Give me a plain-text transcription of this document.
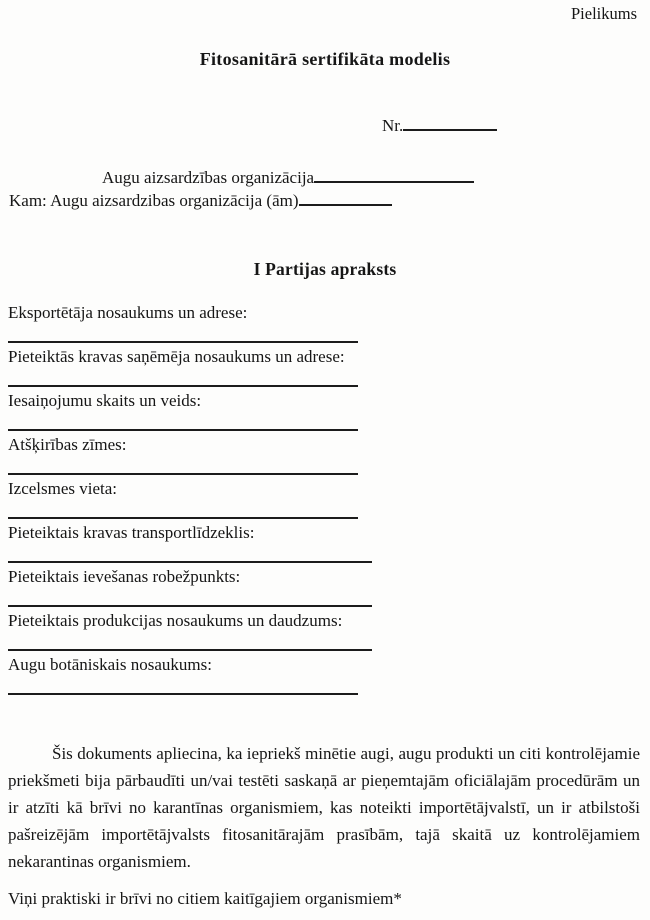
Pielikums
Fitosanitārā sertifikāta modelis
Nr.
Augu aizsardzības organizācija
Kam: Augu aizsardzibas organizācija (ām)
I Partijas apraksts
Eksportētāja nosaukums un adrese:
Pieteiktās kravas saņēmēja nosaukums un adrese:
Iesaiņojumu skaits un veids:
Atšķirības zīmes:
Izcelsmes vieta:
Pieteiktais kravas transportlīdzeklis:
Pieteiktais ievešanas robežpunkts:
Pieteiktais produkcijas nosaukums un daudzums:
Augu botāniskais nosaukums:
Šis dokuments apliecina, ka iepriekš minētie augi, augu produkti un citi kontrolējamie priekšmeti bija pārbaudīti un/vai testēti saskaņā ar pieņemtajām oficiālajām procedūrām un ir atzīti kā brīvi no karantīnas organismiem, kas noteikti importētājvalstī, un ir atbilstoši pašreizējām importētājvalsts fitosanitārajām prasībām, tajā skaitā uz kontrolējamiem nekarantinas organismiem.
Viņi praktiski ir brīvi no citiem kaitīgajiem organismiem*
